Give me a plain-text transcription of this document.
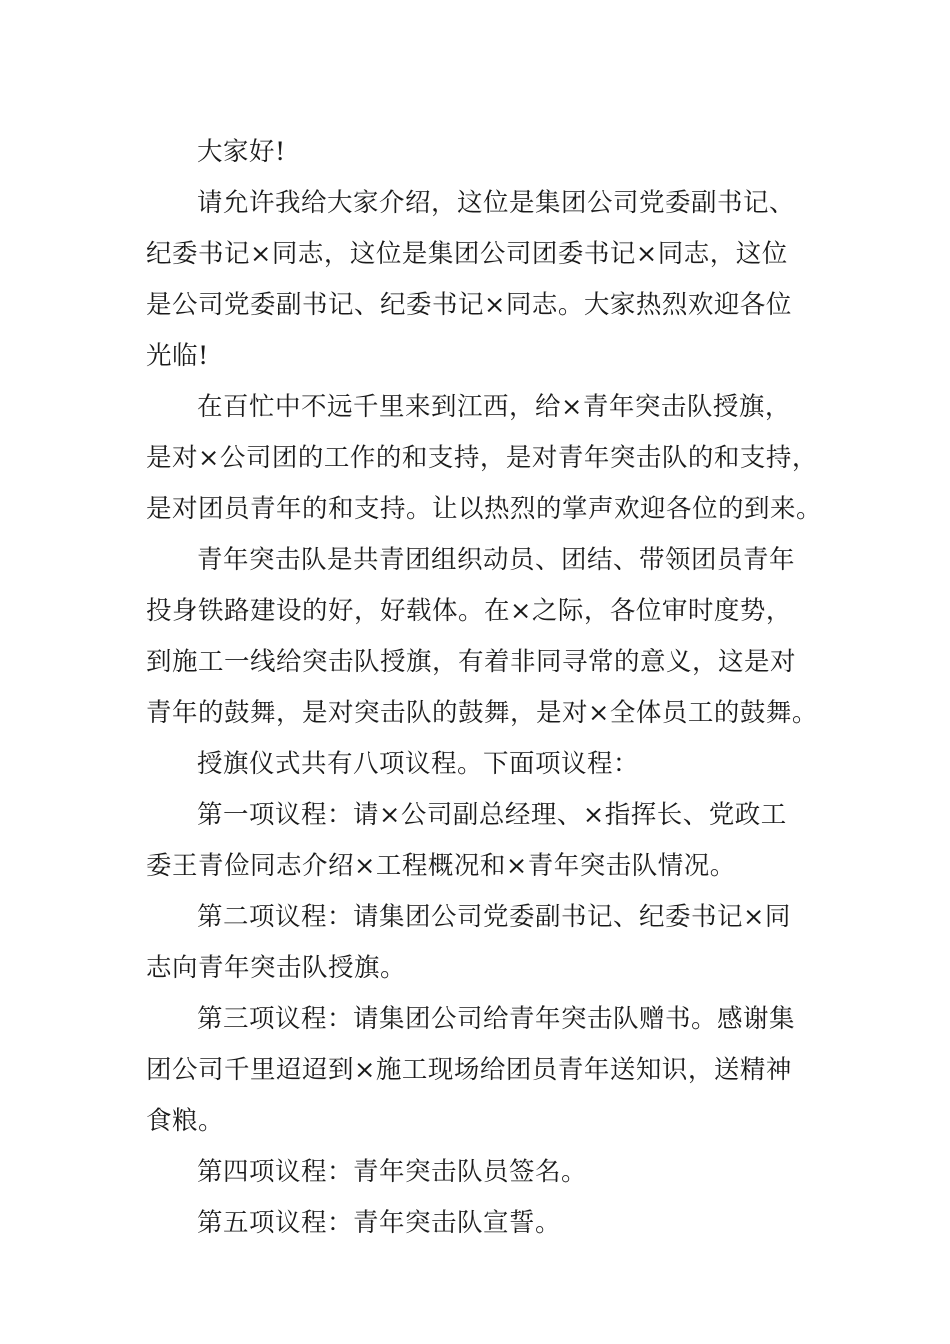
大家好!

请允许我给大家介绍，这位是集团公司党委副书记、
纪委书记×同志，这位是集团公司团委书记×同志，这位
是公司党委副书记、纪委书记×同志。大家热烈欢迎各位
光临!

在百忙中不远千里来到江西，给×青年突击队授旗，
是对×公司团的工作的和支持，是对青年突击队的和支持，
是对团员青年的和支持。让以热烈的掌声欢迎各位的到来。

青年突击队是共青团组织动员、团结、带领团员青年
投身铁路建设的好，好载体。在×之际，各位审时度势，
到施工一线给突击队授旗，有着非同寻常的意义，这是对
青年的鼓舞，是对突击队的鼓舞，是对×全体员工的鼓舞。

授旗仪式共有八项议程。下面项议程：

第一项议程：请×公司副总经理、×指挥长、党政工
委王青俭同志介绍×工程概况和×青年突击队情况。

第二项议程：请集团公司党委副书记、纪委书记×同
志向青年突击队授旗。

第三项议程：请集团公司给青年突击队赠书。感谢集
团公司千里迢迢到×施工现场给团员青年送知识，送精神
食粮。

第四项议程：青年突击队员签名。

第五项议程：青年突击队宣誓。
